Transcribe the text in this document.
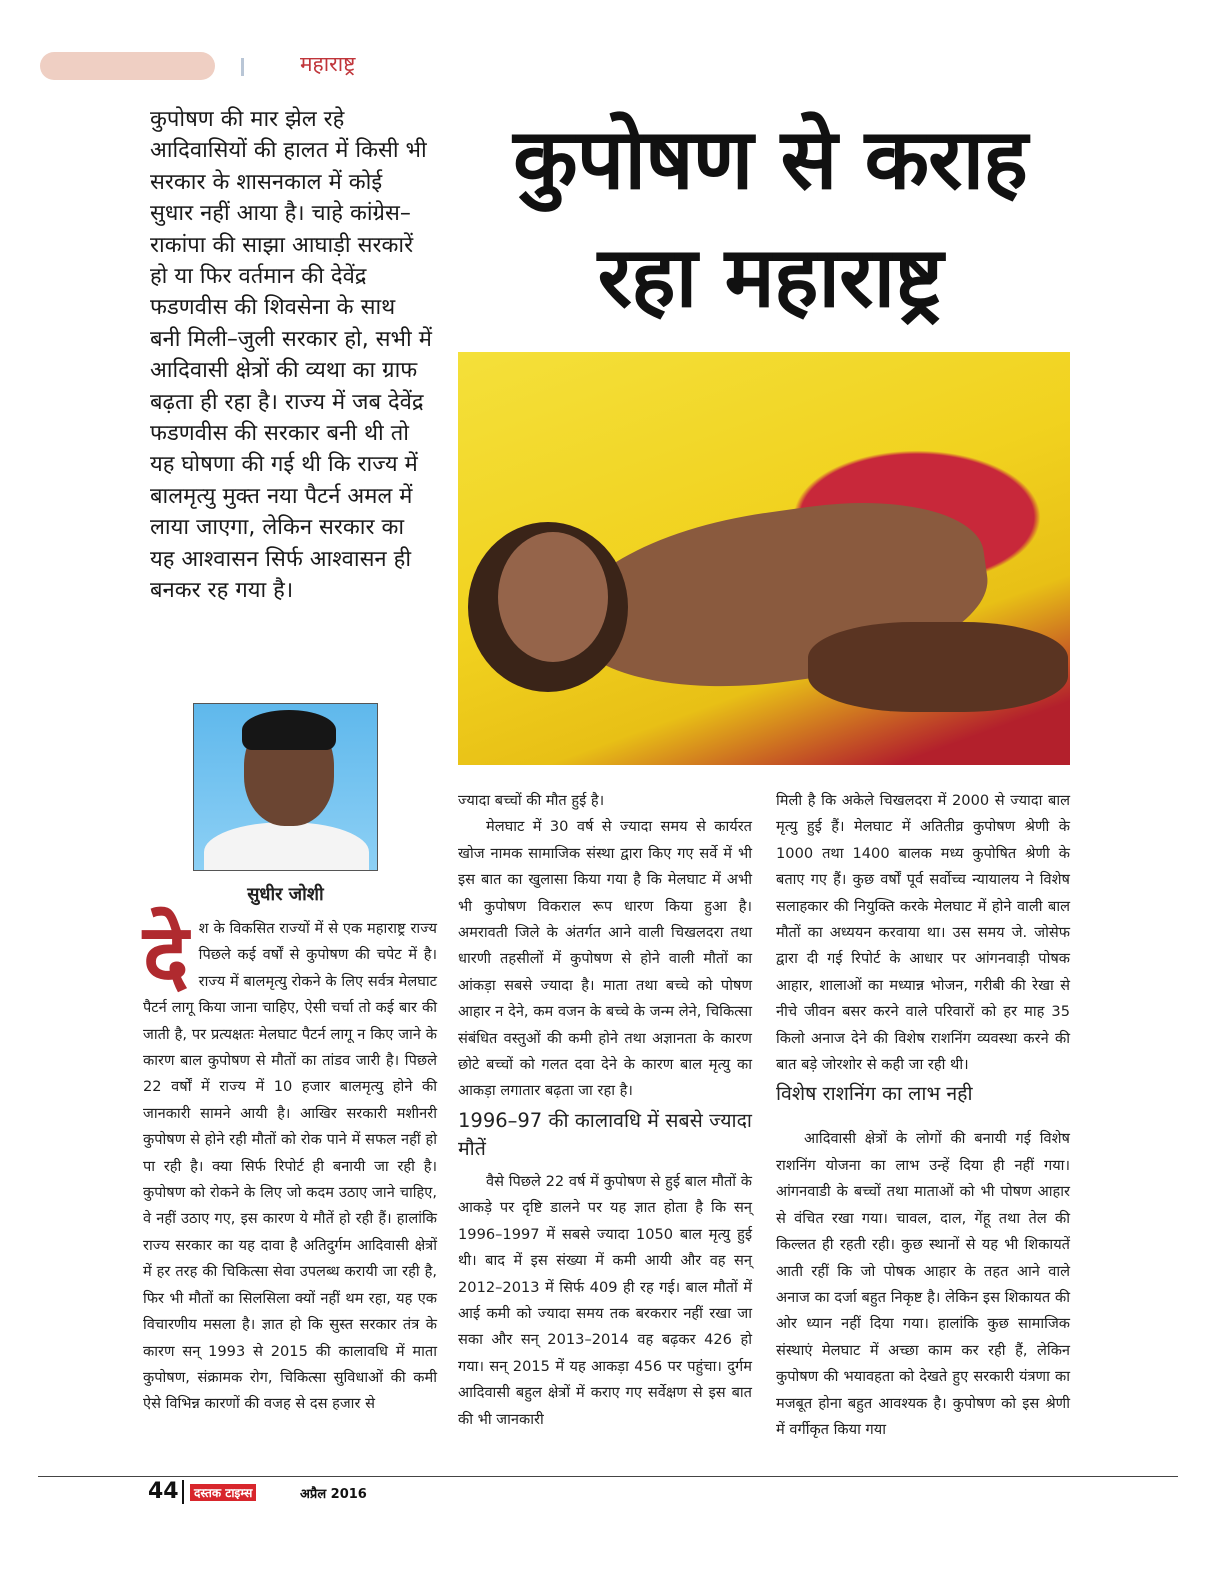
महाराष्ट्र
कुपोषण की मार झेल रहे आदिवासियों की हालत में किसी भी सरकार के शासनकाल में कोई सुधार नहीं आया है। चाहे कांग्रेस–राकांपा की साझा आघाड़ी सरकारें हो या फिर वर्तमान की देवेंद्र फडणवीस की शिवसेना के साथ बनी मिली–जुली सरकार हो, सभी में आदिवासी क्षेत्रों की व्यथा का ग्राफ बढ़ता ही रहा है। राज्य में जब देवेंद्र फडणवीस की सरकार बनी थी तो यह घोषणा की गई थी कि राज्य में बालमृत्यु मुक्त नया पैटर्न अमल में लाया जाएगा, लेकिन सरकार का यह आश्वासन सिर्फ आश्वासन ही बनकर रह गया है।
कुपोषण से कराह
रहा महाराष्ट्र
सुधीर जोशी
दे श के विकसित राज्यों में से एक महाराष्ट्र राज्य पिछले कई वर्षों से कुपोषण की चपेट में है। राज्य में बालमृत्यु रोकने के लिए सर्वत्र मेलघाट पैटर्न लागू किया जाना चाहिए, ऐसी चर्चा तो कई बार की जाती है, पर प्रत्यक्षतः मेलघाट पैटर्न लागू न किए जाने के कारण बाल कुपोषण से मौतों का तांडव जारी है। पिछले 22 वर्षों में राज्य में 10 हजार बालमृत्यु होने की जानकारी सामने आयी है। आखिर सरकारी मशीनरी कुपोषण से होने रही मौतों को रोक पाने में सफल नहीं हो पा रही है। क्या सिर्फ रिपोर्ट ही बनायी जा रही है। कुपोषण को रोकने के लिए जो कदम उठाए जाने चाहिए, वे नहीं उठाए गए, इस कारण ये मौतें हो रही हैं। हालांकि राज्य सरकार का यह दावा है अतिदुर्गम आदिवासी क्षेत्रों में हर तरह की चिकित्सा सेवा उपलब्ध करायी जा रही है, फिर भी मौतों का सिलसिला क्यों नहीं थम रहा, यह एक विचारणीय मसला है। ज्ञात हो कि सुस्त सरकार तंत्र के कारण सन् 1993 से 2015 की कालावधि में माता कुपोषण, संक्रामक रोग, चिकित्सा सुविधाओं की कमी ऐसे विभिन्न कारणों की वजह से दस हजार से

ज्यादा बच्चों की मौत हुई है।

मेलघाट में 30 वर्ष से ज्यादा समय से कार्यरत खोज नामक सामाजिक संस्था द्वारा किए गए सर्वे में भी इस बात का खुलासा किया गया है कि मेलघाट में अभी भी कुपोषण विकराल रूप धारण किया हुआ है। अमरावती जिले के अंतर्गत आने वाली चिखलदरा तथा धारणी तहसीलों में कुपोषण से होने वाली मौतों का आंकड़ा सबसे ज्यादा है। माता तथा बच्चे को पोषण आहार न देने, कम वजन के बच्चे के जन्म लेने, चिकित्सा संबंधित वस्तुओं की कमी होने तथा अज्ञानता के कारण छोटे बच्चों को गलत दवा देने के कारण बाल मृत्यु का आकड़ा लगातार बढ़ता जा रहा है।

1996–97 की कालावधि में सबसे ज्यादा मौतें

वैसे पिछले 22 वर्ष में कुपोषण से हुई बाल मौतों के आकड़े पर दृष्टि डालने पर यह ज्ञात होता है कि सन् 1996–1997 में सबसे ज्यादा 1050 बाल मृत्यु हुई थी। बाद में इस संख्या में कमी आयी और वह सन् 2012–2013 में सिर्फ 409 ही रह गई। बाल मौतों में आई कमी को ज्यादा समय तक बरकरार नहीं रखा जा सका और सन् 2013–2014 वह बढ़कर 426 हो गया। सन् 2015 में यह आकड़ा 456 पर पहुंचा। दुर्गम आदिवासी बहुल क्षेत्रों में कराए गए सर्वेक्षण से इस बात की भी जानकारी

मिली है कि अकेले चिखलदरा में 2000 से ज्यादा बाल मृत्यु हुई हैं। मेलघाट में अतितीव्र कुपोषण श्रेणी के 1000 तथा 1400 बालक मध्य कुपोषित श्रेणी के बताए गए हैं। कुछ वर्षों पूर्व सर्वोच्च न्यायालय ने विशेष सलाहकार की नियुक्ति करके मेलघाट में होने वाली बाल मौतों का अध्ययन करवाया था। उस समय जे. जोसेफ द्वारा दी गई रिपोर्ट के आधार पर आंगनवाड़ी पोषक आहार, शालाओं का मध्यान्न भोजन, गरीबी की रेखा से नीचे जीवन बसर करने वाले परिवारों को हर माह 35 किलो अनाज देने की विशेष राशनिंग व्यवस्था करने की बात बड़े जोरशोर से कही जा रही थी।

विशेष राशनिंग का लाभ नही

आदिवासी क्षेत्रों के लोगों की बनायी गई विशेष राशनिंग योजना का लाभ उन्हें दिया ही नहीं गया। आंगनवाडी के बच्चों तथा माताओं को भी पोषण आहार से वंचित रखा गया। चावल, दाल, गेंहू तथा तेल की किल्लत ही रहती रही। कुछ स्थानों से यह भी शिकायतें आती रहीं कि जो पोषक आहार के तहत आने वाले अनाज का दर्जा बहुत निकृष्ट है। लेकिन इस शिकायत की ओर ध्यान नहीं दिया गया। हालांकि कुछ सामाजिक संस्थाएं मेलघाट में अच्छा काम कर रही हैं, लेकिन कुपोषण की भयावहता को देखते हुए सरकारी यंत्रणा का मजबूत होना बहुत आवश्यक है। कुपोषण को इस श्रेणी में वर्गीकृत किया गया

44	दस्तक टाइम्स	अप्रैल 2016
